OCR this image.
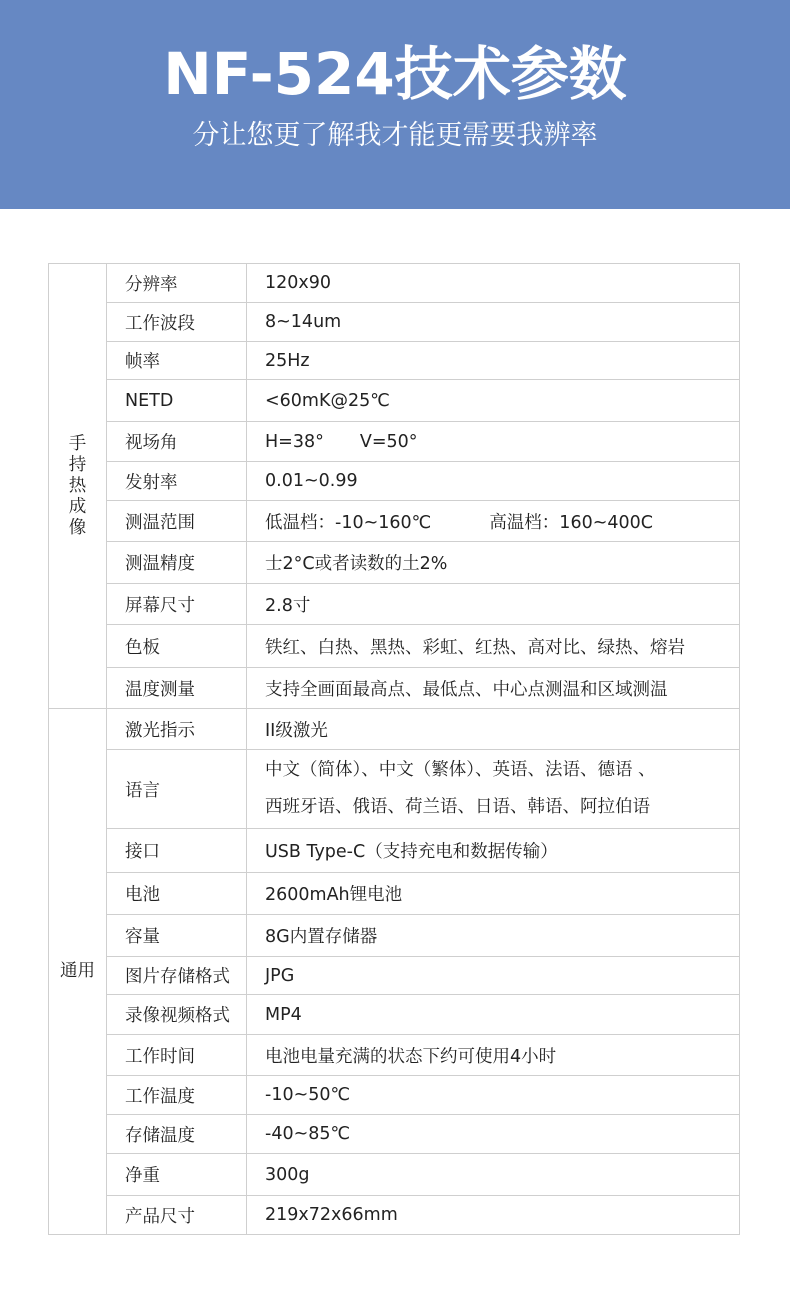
NF-524技术参数
分让您更了解我才能更需要我辨率
手持热成像	分辨率	120x90
	工作波段	8~14um
	帧率	25Hz
	NETD	<60mK@25℃
	视场角	H=38° V=50°
	发射率	0.01~0.99
	测温范围	低温档：-10~160℃ 高温档：160~400C
	测温精度	士2°C或者读数的土2%
	屏幕尺寸	2.8寸
	色板	铁红、白热、黑热、彩虹、红热、高对比、绿热、熔岩
	温度测量	支持全画面最高点、最低点、中心点测温和区域测温
通用	激光指示	II级激光
	语言	中文（简体）、中文（繁体）、英语、法语、德语 、
西班牙语、俄语、荷兰语、日语、韩语、阿拉伯语

	接口	USB Type-C（支持充电和数据传输）
	电池	2600mAh锂电池
	容量	8G内置存储器
	图片存储格式	JPG
	录像视频格式	MP4
	工作时间	电池电量充满的状态下约可使用4小时
	工作温度	-10~50℃
	存储温度	-40~85℃
	净重	300g
	产品尺寸	219x72x66mm
